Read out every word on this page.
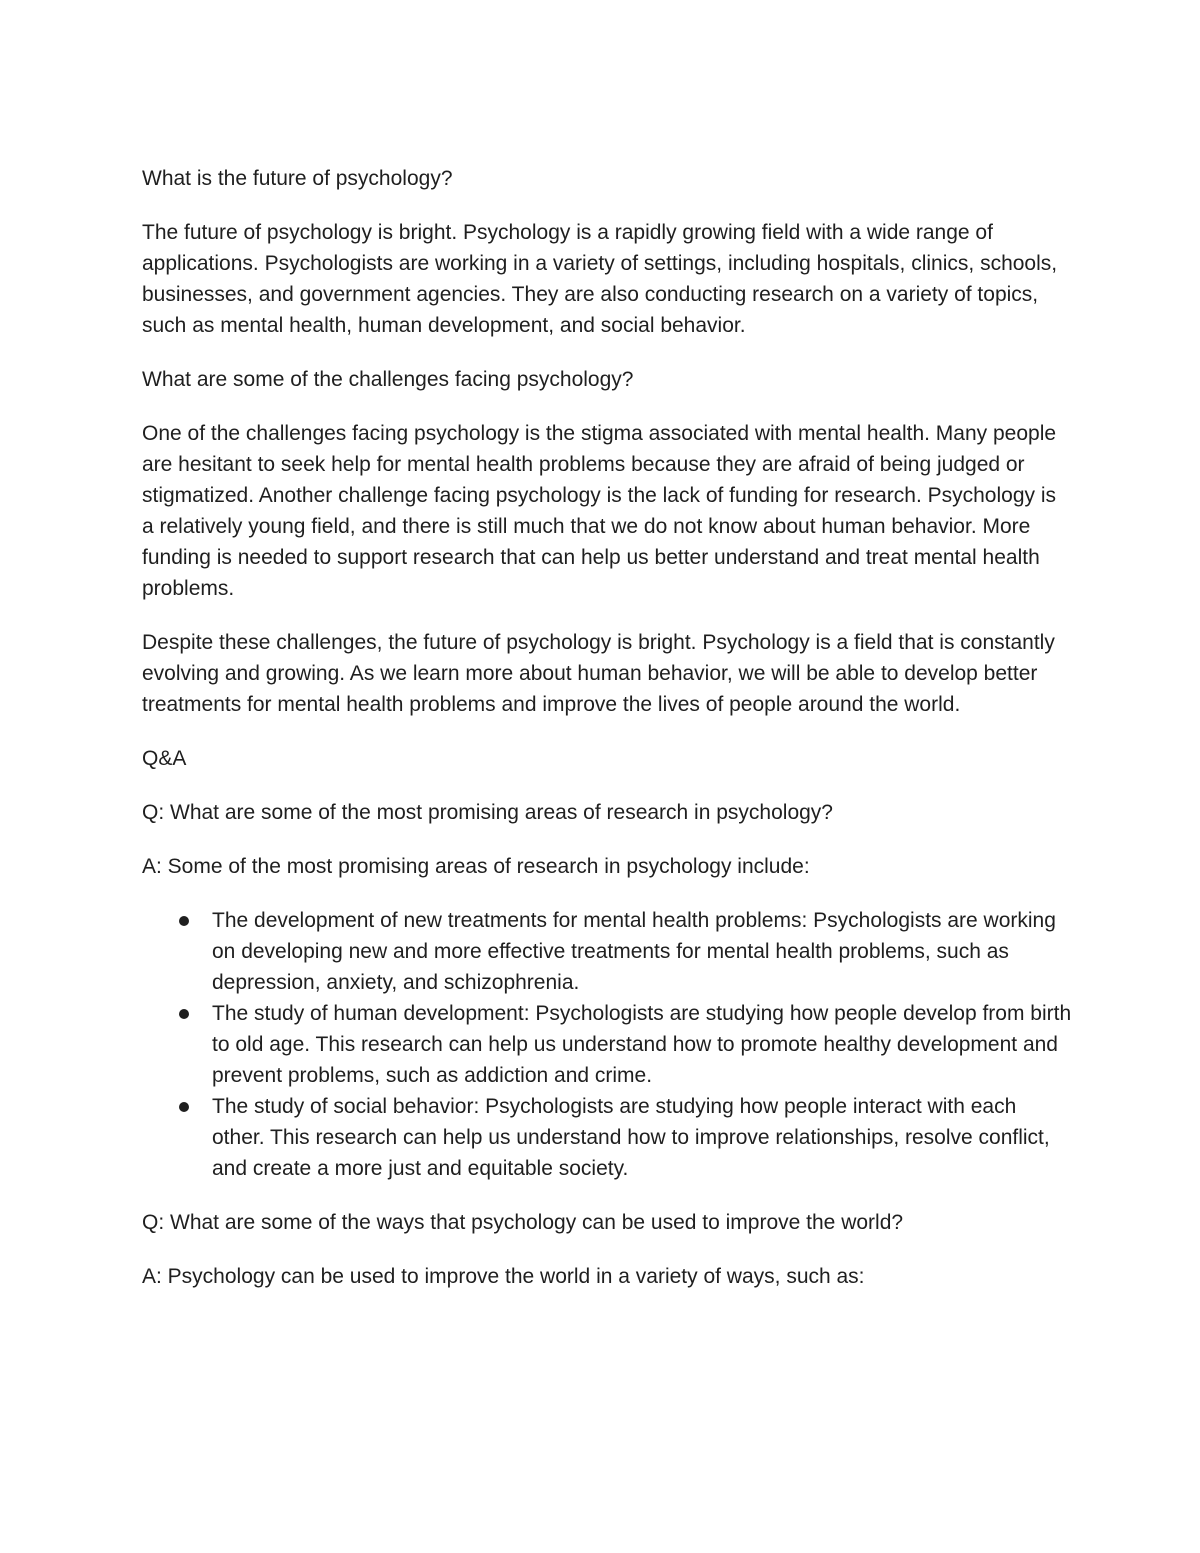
What is the future of psychology?

The future of psychology is bright. Psychology is a rapidly growing field with a wide range of applications. Psychologists are working in a variety of settings, including hospitals, clinics, schools, businesses, and government agencies. They are also conducting research on a variety of topics, such as mental health, human development, and social behavior.

What are some of the challenges facing psychology?

One of the challenges facing psychology is the stigma associated with mental health. Many people are hesitant to seek help for mental health problems because they are afraid of being judged or stigmatized. Another challenge facing psychology is the lack of funding for research. Psychology is a relatively young field, and there is still much that we do not know about human behavior. More funding is needed to support research that can help us better understand and treat mental health problems.

Despite these challenges, the future of psychology is bright. Psychology is a field that is constantly evolving and growing. As we learn more about human behavior, we will be able to develop better treatments for mental health problems and improve the lives of people around the world.

Q&A

Q: What are some of the most promising areas of research in psychology?

A: Some of the most promising areas of research in psychology include:

The development of new treatments for mental health problems: Psychologists are working on developing new and more effective treatments for mental health problems, such as depression, anxiety, and schizophrenia.
The study of human development: Psychologists are studying how people develop from birth to old age. This research can help us understand how to promote healthy development and prevent problems, such as addiction and crime.
The study of social behavior: Psychologists are studying how people interact with each other. This research can help us understand how to improve relationships, resolve conflict, and create a more just and equitable society.

Q: What are some of the ways that psychology can be used to improve the world?

A: Psychology can be used to improve the world in a variety of ways, such as:
